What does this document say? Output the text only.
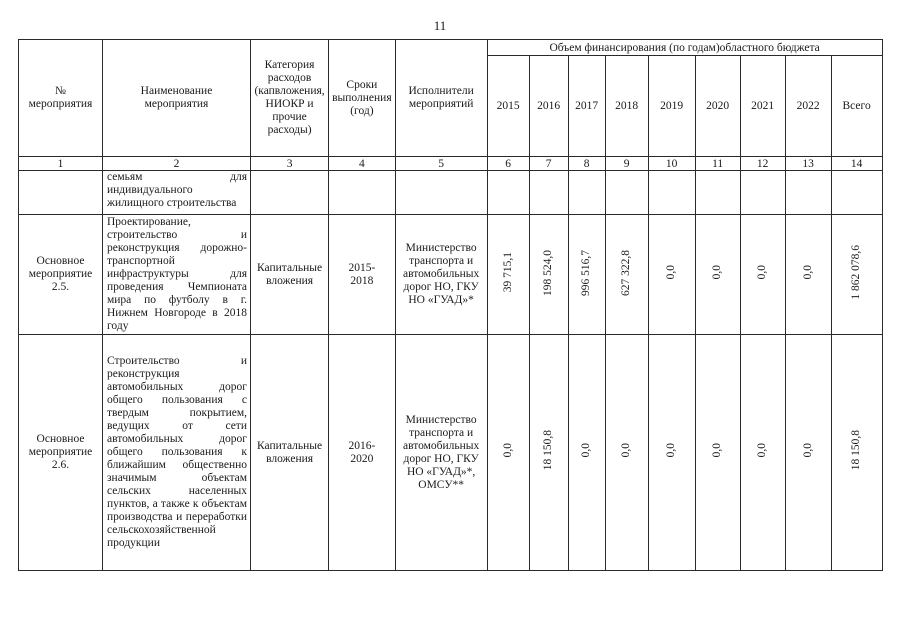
11
№ мероприятия	Наименование мероприятия	Категория расходов (капвложения, НИОКР и прочие расходы)	Сроки выполнения (год)	Исполнители мероприятий	Объем финансирования (по годам)областного бюджета								
					2015	2016	2017	2018	2019	2020	2021	2022	Всего
1	2	3	4	5	6	7	8	9	10	11	12	13	14
	семьям для индивидуального жилищного строительства												
Основное мероприятие 2.5.	Проектирование, строительство и реконструкция дорожно-транспортной инфраструктуры для проведения Чемпионата мира по футболу в г. Нижнем Новгороде в 2018 году	Капитальные вложения	2015-2018	Министерство транспорта и автомобильных дорог НО, ГКУ НО «ГУАД»*	39 715,1	198 524,0	996 516,7	627 322,8	0,0	0,0	0,0	0,0	1 862 078,6
Основное мероприятие 2.6.	Строительство и реконструкция автомобильных дорог общего пользования с твердым покрытием, ведущих от сети автомобильных дорог общего пользования к ближайшим общественно значимым объектам сельских населенных пунктов, а также к объектам производства и переработки сельскохозяйственной продукции	Капитальные вложения	2016-2020	Министерство транспорта и автомобильных дорог НО, ГКУ НО «ГУАД»*, ОМСУ**	0,0	18 150,8	0,0	0,0	0,0	0,0	0,0	0,0	18 150,8
